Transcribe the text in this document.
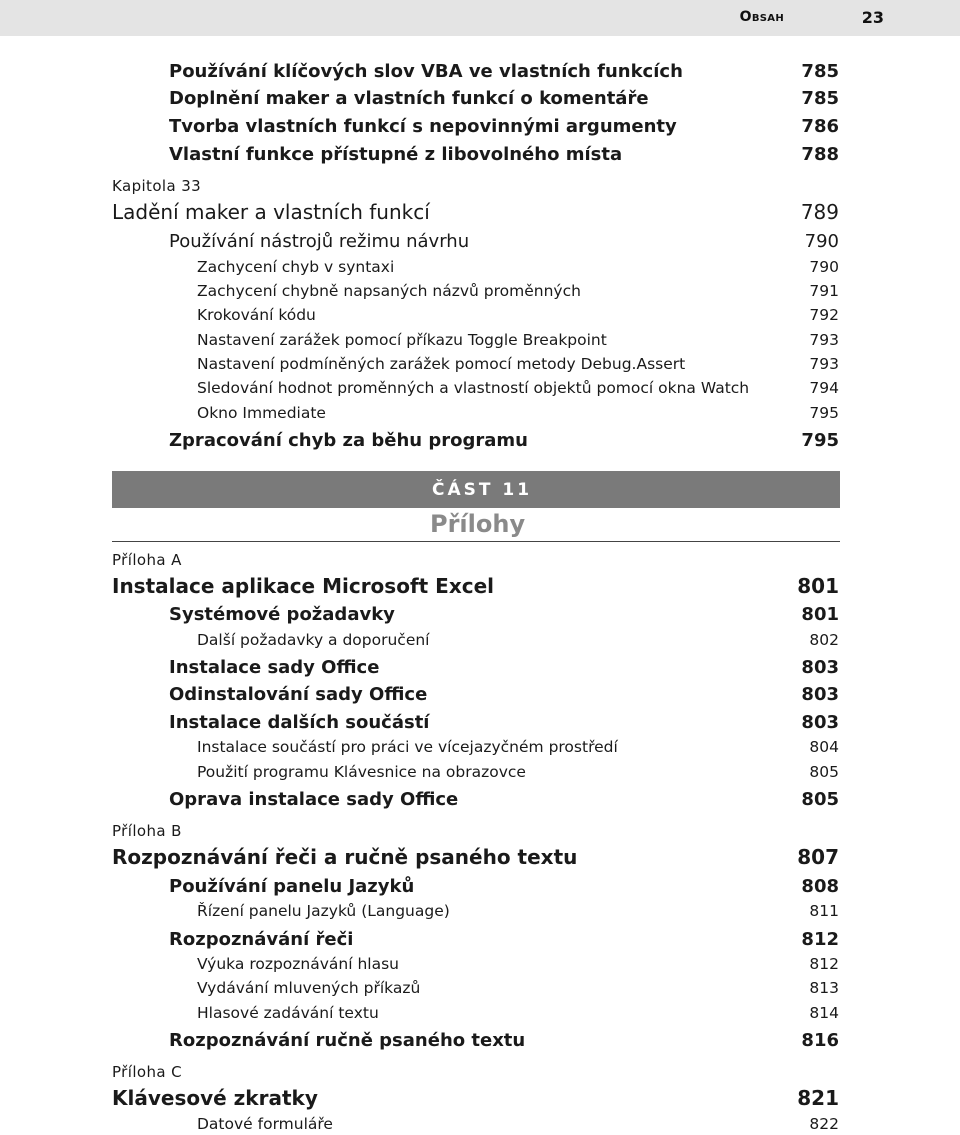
Obsah	23
Používání klíčových slov VBA ve vlastních funkcích	785
Doplnění maker a vlastních funkcí o komentáře	785
Tvorba vlastních funkcí s nepovinnými argumenty	786
Vlastní funkce přístupné z libovolného místa	788
Kapitola 33
Ladění maker a vlastních funkcí	789
Používání nástrojů režimu návrhu	790
Zachycení chyb v syntaxi	790
Zachycení chybně napsaných názvů proměnných	791
Krokování kódu	792
Nastavení zarážek pomocí příkazu Toggle Breakpoint	793
Nastavení podmíněných zarážek pomocí metody Debug.Assert	793
Sledování hodnot proměnných a vlastností objektů pomocí okna Watch	794
Okno Immediate	795
Zpracování chyb za běhu programu	795
ČÁST 11
Přílohy
Příloha A
Instalace aplikace Microsoft Excel	801
Systémové požadavky	801
Další požadavky a doporučení	802
Instalace sady Office	803
Odinstalování sady Office	803
Instalace dalších součástí	803
Instalace součástí pro práci ve vícejazyčném prostředí	804
Použití programu Klávesnice na obrazovce	805
Oprava instalace sady Office	805
Příloha B
Rozpoznávání řeči a ručně psaného textu	807
Používání panelu Jazyků	808
Řízení panelu Jazyků (Language)	811
Rozpoznávání řeči	812
Výuka rozpoznávání hlasu	812
Vydávání mluvených příkazů	813
Hlasové zadávání textu	814
Rozpoznávání ručně psaného textu	816
Příloha C
Klávesové zkratky	821
Datové formuláře	822
